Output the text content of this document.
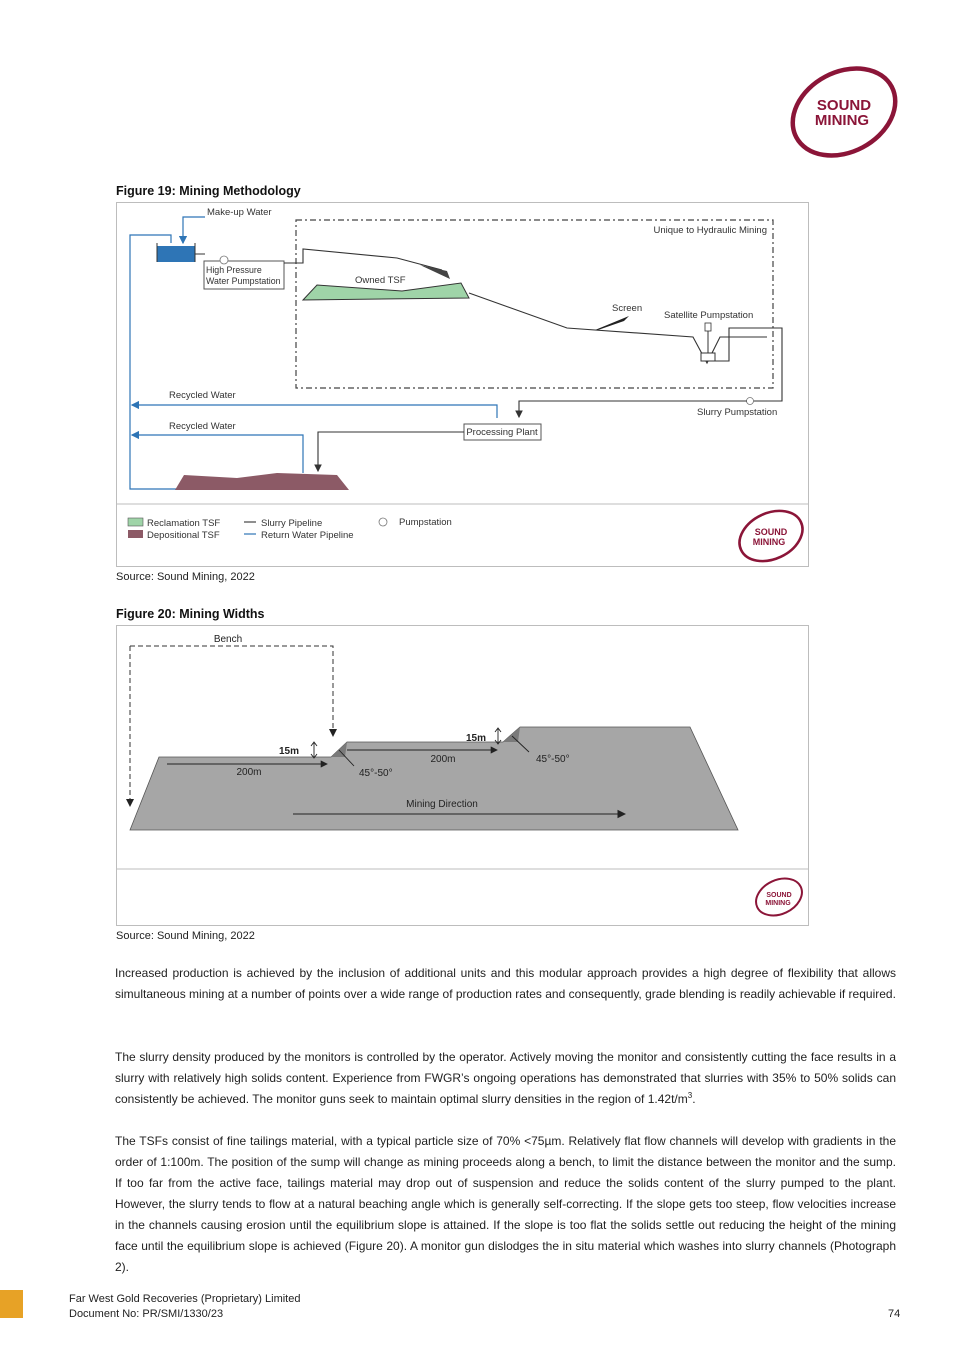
SOUND
MINING
Figure 19: Mining Methodology
Unique to Hydraulic Mining
Make-up Water
High Pressure
Water Pumpstation	Owned TSF
Screen
Satellite Pumpstation
Slurry Pumpstation
Recycled Water
Recycled Water
Processing Plant
Reclamation TSF
Depositional TSF
Slurry Pipeline
Return Water Pipeline
Pumpstation
SOUND
MINING
Source: Sound Mining, 2022
Figure 20: Mining Widths
Bench
15m
15m
200m
200m
45°-50°
45°-50°
Mining Direction
SOUND
MINING
Source: Sound Mining, 2022
Increased production is achieved by the inclusion of additional units and this modular approach provides a high degree of flexibility that allows simultaneous mining at a number of points over a wide range of production rates and consequently, grade blending is readily achievable if required.
The slurry density produced by the monitors is controlled by the operator. Actively moving the monitor and consistently cutting the face results in a slurry with relatively high solids content. Experience from FWGR’s ongoing operations has demonstrated that slurries with 35% to 50% solids can consistently be achieved. The monitor guns seek to maintain optimal slurry densities in the region of $1.42t/m^3$.
The TSFs consist of fine tailings material, with a typical particle size of 70% <75µm. Relatively flat flow channels will develop with gradients in the order of 1:100m. The position of the sump will change as mining proceeds along a bench, to limit the distance between the monitor and the sump. If too far from the active face, tailings material may drop out of suspension and reduce the solids content of the slurry pumped to the plant. However, the slurry tends to flow at a natural beaching angle which is generally self-correcting. If the slope gets too steep, flow velocities increase in the channels causing erosion until the equilibrium slope is attained. If the slope is too flat the solids settle out reducing the height of the mining face until the equilibrium slope is achieved (Figure 20). A monitor gun dislodges the in situ material which washes into slurry channels (Photograph 2).
Far West Gold Recoveries (Proprietary) Limited
Document No: PR/SMI/1330/23	74
